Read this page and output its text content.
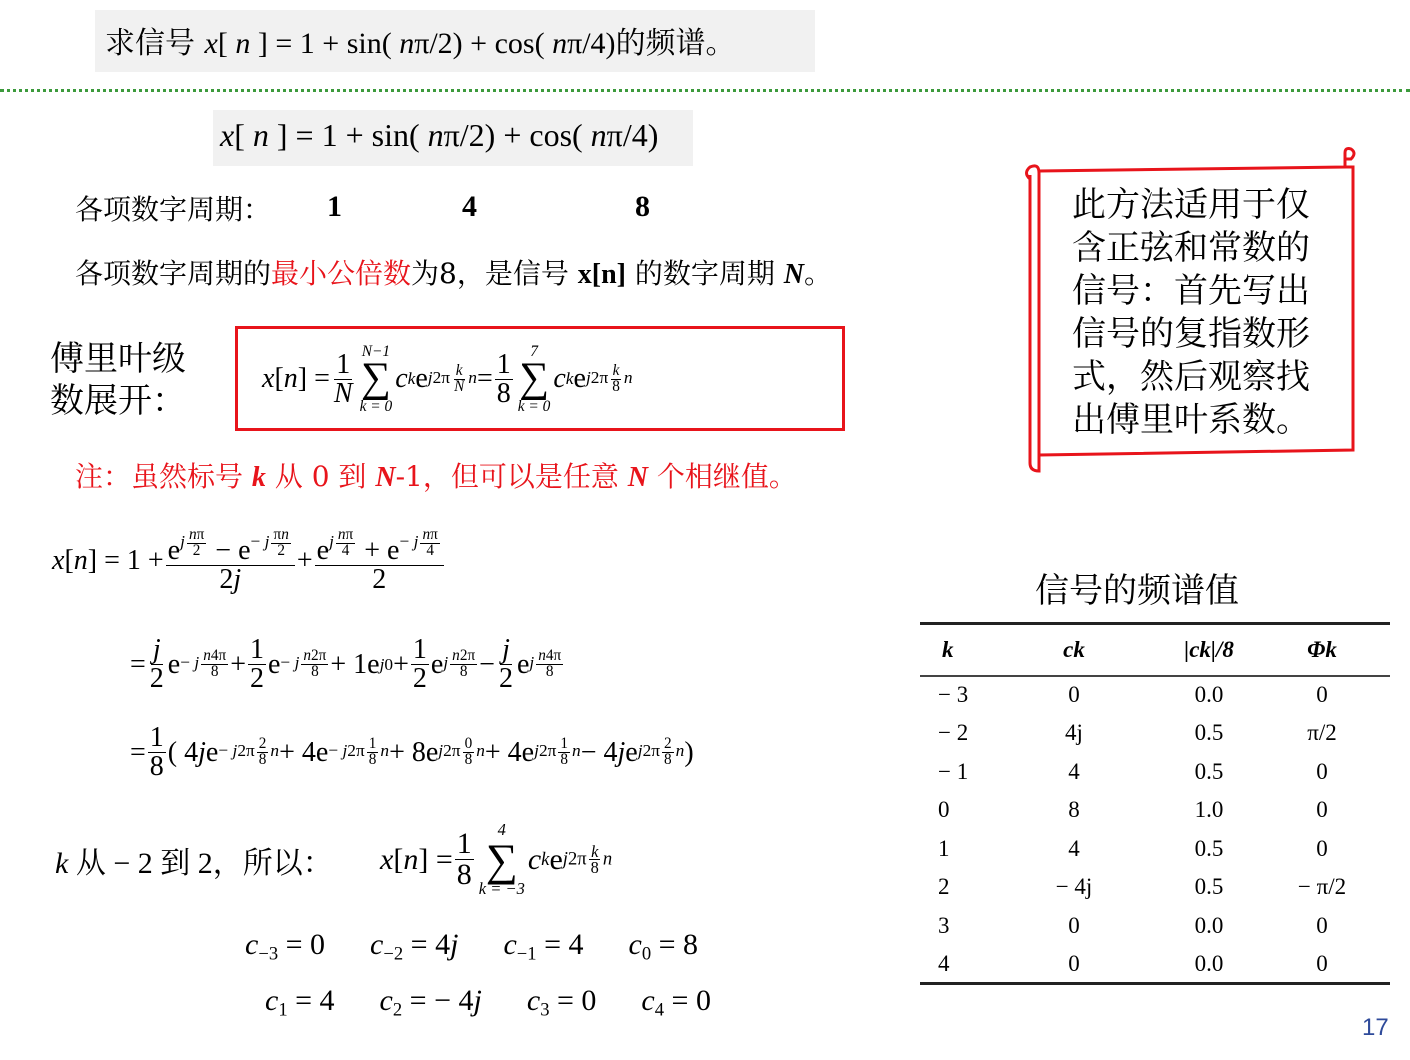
求信号 x[ n ] = 1 + sin( nπ/2) + cos( nπ/4)的频谱。
x[ n ] = 1 + sin( nπ/2) + cos( nπ/4)
各项数字周期： 1	4	8
各项数字周期的最小公倍数为8，是信号 x[n] 的数字周期 N。
傅里叶级
数展开：
x [ n ] = $\frac{1}{N} N-1$
∑
k = 0
c k e $j2\pi \frac{k}{N}$ $n = \frac{1}{8} 7$
∑
k = 0
c k e $j2\pi \frac{k}{8}$ n
注：虽然标号 k 从 0 到 N-1，但可以是任意 N 个相继值。
此方法适用于仅
含正弦和常数的
信号：首先写出
信号的复指数形
式，然后观察找
出傅里叶系数。
x [ n ] = $1 + e^{j \frac{n\pi}{2}} - e^{- j \frac{\pi n}{2}}$
$2j + e^{j \frac{n\pi}{4}} + e^{- j \frac{n\pi}{4}}$
2
= $\frac{j}{2}$ e − j $\frac{n4\pi}{8} + \frac{1}{2}$ e − j $\frac{n2\pi}{8} + 1e$ $j0 + \frac{1}{2}$ e j $\frac{n2\pi}{8} - \frac{j}{2}$ e j $\frac{n4\pi}{8}$
= $\frac{1}{8}$ ( 4 j $e - j2\pi \frac{2}{8}$ $n + 4e - j2\pi \frac{1}{8}$ n + 8e $j2\pi \frac{0}{8}$ n + 4e $j2\pi \frac{1}{8}$ n − 4 j e $j2\pi \frac{2}{8}$ n )
k 从 − 2 到 2，所以： x [ n ] = $\frac{1}{8} 4$
∑
k = −3
c k e $j2\pi \frac{k}{8}$ n
$c_{-3} = 0$ $c_{-2} = 4j$ $c_{-1} = 4$ $c_0 = 8$
$c_1 = 4$ $c_2$ = − 4j $c_3 = 0$ $c_4 = 0$
信号的频谱值
k	ck	|ck|/8	Φk
− 3	0	0.0	0
− 2	4j	0.5	π/2
− 1	4	0.5	0
0	8	1.0	0
1	4	0.5	0
2	− 4j	0.5	− π/2
3	0	0.0	0
4	0	0.0	0
17
